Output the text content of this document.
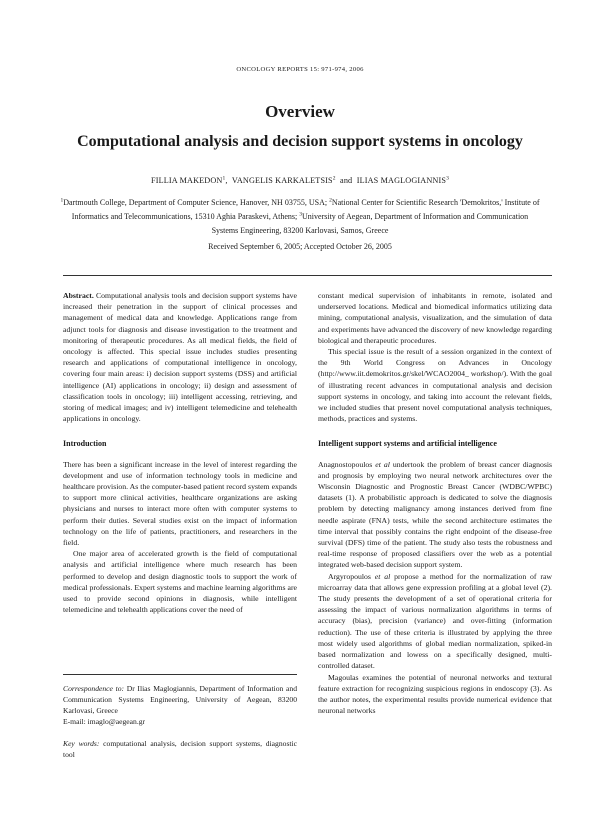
ONCOLOGY REPORTS 15: 971-974, 2006
Overview
Computational analysis and decision support systems in oncology
FILLIA MAKEDON$^1$,  VANGELIS KARKALETSIS$^2$  and  ILIAS MAGLOGIANNIS$^3$
$^1$Dartmouth College, Department of Computer Science, Hanover, NH 03755, USA; $^2$National Center for Scientific Research 'Demokritos,' Institute of Informatics and Telecommunications, 15310 Aghia Paraskevi, Athens; $^3$University of Aegean, Department of Information and Communication Systems Engineering, 83200 Karlovasi, Samos, Greece
Received September 6, 2005; Accepted October 26, 2005

Abstract. Computational analysis tools and decision support systems have increased their penetration in the support of clinical processes and management of medical data and knowledge. Applications range from adjunct tools for diagnosis and disease investigation to the treatment and monitoring of therapeutic procedures. As all medical fields, the field of oncology is affected. This special issue includes studies presenting research and applications of computational intelligence in oncology, covering four main areas: i) decision support systems (DSS) and artificial intelligence (AI) applications in oncology; ii) design and assessment of classification tools in oncology; iii) intelligent accessing, retrieving, and storing of medical images; and iv) intelligent telemedicine and telehealth applications in oncology.

Introduction

There has been a significant increase in the level of interest regarding the development and use of information technology tools in medicine and healthcare provision. As the computer-based patient record system expands to support more clinical activities, healthcare organizations are asking physicians and nurses to interact more often with computer systems to perform their duties. Several studies exist on the impact of information technology on the life of patients, practitioners, and researchers in the field.

One major area of accelerated growth is the field of computational analysis and artificial intelligence where much research has been performed to develop and design diagnostic tools to support the work of medical professionals. Expert systems and machine learning algorithms are used to provide second opinions in diagnosis, while intelligent telemedicine and telehealth applications cover the need of

constant medical supervision of inhabitants in remote, isolated and underserved locations. Medical and biomedical informatics utilizing data mining, computational analysis, visualization, and the simulation of data and experiments have advanced the discovery of new knowledge regarding biological and therapeutic procedures.

This special issue is the result of a session organized in the context of the 9th World Congress on Advances in Oncology (http://www.iit.demokritos.gr/skel/WCAO2004_ workshop/). With the goal of illustrating recent advances in computational analysis and decision support systems in oncology, and taking into account the relevant fields, we included studies that present novel computational analysis techniques, methods, practices and systems.

Intelligent support systems and artificial intelligence

Anagnostopoulos et al undertook the problem of breast cancer diagnosis and prognosis by employing two neural network architectures over the Wisconsin Diagnostic and Prognostic Breast Cancer (WDBC/WPBC) datasets (1). A probabilistic approach is dedicated to solve the diagnosis problem by detecting malignancy among instances derived from fine needle aspirate (FNA) tests, while the second architecture estimates the time interval that possibly contains the right endpoint of the disease-free survival (DFS) time of the patient. The study also tests the robustness and real-time response of proposed classifiers over the web as a potential integrated web-based decision support system.

Argyropoulos et al propose a method for the normalization of raw microarray data that allows gene expression profiling at a global level (2). The study presents the development of a set of operational criteria for assessing the impact of various normalization algorithms in terms of accuracy (bias), precision (variance) and over-fitting (information reduction). The use of these criteria is illustrated by applying the three most widely used algorithms of global median normalization, spiked-in based normalization and lowess on a specifically designed, multi-controlled dataset.

Magoulas examines the potential of neuronal networks and textural feature extraction for recognizing suspicious regions in endoscopy (3). As the author notes, the experimental results provide numerical evidence that neuronal networks

Correspondence to: Dr Ilias Maglogiannis, Department of Information and Communication Systems Engineering, University of Aegean, 83200 Karlovasi, Greece

E-mail: imaglo@aegean.gr

Key words: computational analysis, decision support systems, diagnostic tool
